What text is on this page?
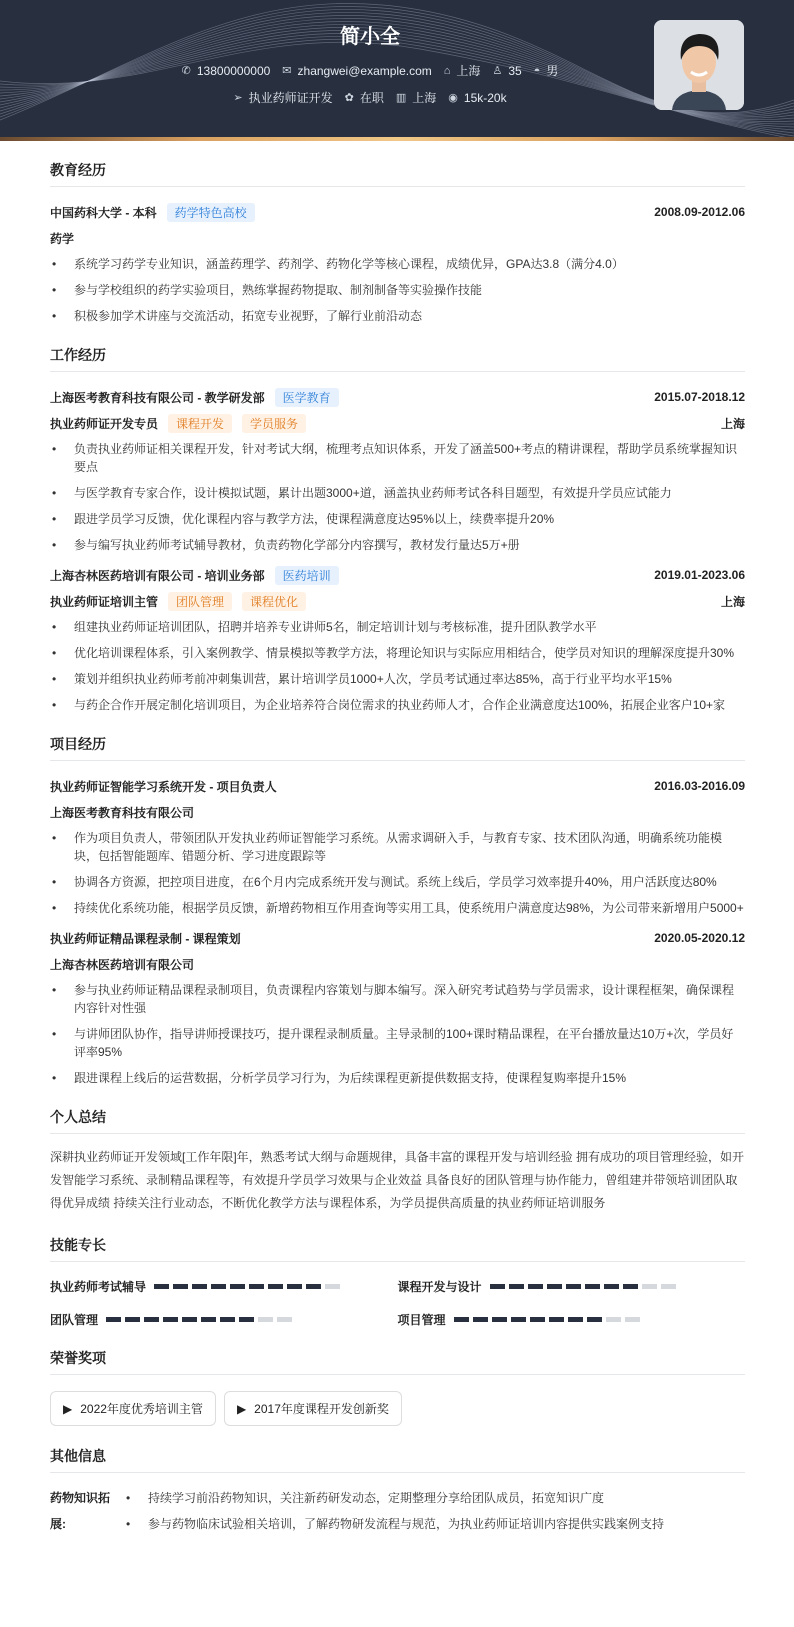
简小全
✆ 13800000000 ✉ zhangwei@example.com ⌂ 上海 ♙ 35 ◓ 男
➢ 执业药师证开发 ✿ 在职 ▥ 上海 ◉ 15k-20k
教育经历
中国药科大学 - 本科	药学特色高校	2008.09-2012.06
药学
• 系统学习药学专业知识，涵盖药理学、药剂学、药物化学等核心课程，成绩优异，GPA达3.8（满分4.0）
• 参与学校组织的药学实验项目，熟练掌握药物提取、制剂制备等实验操作技能
• 积极参加学术讲座与交流活动，拓宽专业视野，了解行业前沿动态
工作经历
上海医考教育科技有限公司 - 教学研发部	医学教育	2015.07-2018.12
执业药师证开发专员	课程开发	学员服务	上海
• 负责执业药师证相关课程开发，针对考试大纲，梳理考点知识体系，开发了涵盖500+考点的精讲课程，帮助学员系统掌握知识要点
• 与医学教育专家合作，设计模拟试题，累计出题3000+道，涵盖执业药师考试各科目题型，有效提升学员应试能力
• 跟进学员学习反馈，优化课程内容与教学方法，使课程满意度达95%以上，续费率提升20%
• 参与编写执业药师考试辅导教材，负责药物化学部分内容撰写，教材发行量达5万+册
上海杏林医药培训有限公司 - 培训业务部	医药培训	2019.01-2023.06
执业药师证培训主管	团队管理	课程优化	上海
• 组建执业药师证培训团队，招聘并培养专业讲师5名，制定培训计划与考核标准，提升团队教学水平
• 优化培训课程体系，引入案例教学、情景模拟等教学方法，将理论知识与实际应用相结合，使学员对知识的理解深度提升30%
• 策划并组织执业药师考前冲刺集训营，累计培训学员1000+人次，学员考试通过率达85%，高于行业平均水平15%
• 与药企合作开展定制化培训项目，为企业培养符合岗位需求的执业药师人才，合作企业满意度达100%，拓展企业客户10+家
项目经历
执业药师证智能学习系统开发 - 项目负责人	2016.03-2016.09
上海医考教育科技有限公司
• 作为项目负责人，带领团队开发执业药师证智能学习系统。从需求调研入手，与教育专家、技术团队沟通，明确系统功能模块，包括智能题库、错题分析、学习进度跟踪等
• 协调各方资源，把控项目进度，在6个月内完成系统开发与测试。系统上线后，学员学习效率提升40%，用户活跃度达80%
• 持续优化系统功能，根据学员反馈，新增药物相互作用查询等实用工具，使系统用户满意度达98%，为公司带来新增用户5000+
执业药师证精品课程录制 - 课程策划	2020.05-2020.12
上海杏林医药培训有限公司
• 参与执业药师证精品课程录制项目，负责课程内容策划与脚本编写。深入研究考试趋势与学员需求，设计课程框架，确保课程内容针对性强
• 与讲师团队协作，指导讲师授课技巧，提升课程录制质量。主导录制的100+课时精品课程，在平台播放量达10万+次，学员好评率95%
• 跟进课程上线后的运营数据，分析学员学习行为，为后续课程更新提供数据支持，使课程复购率提升15%
个人总结
深耕执业药师证开发领域[工作年限]年，熟悉考试大纲与命题规律，具备丰富的课程开发与培训经验 拥有成功的项目管理经验，如开发智能学习系统、录制精品课程等，有效提升学员学习效果与企业效益 具备良好的团队管理与协作能力，曾组建并带领培训团队取得优异成绩 持续关注行业动态，不断优化教学方法与课程体系，为学员提供高质量的执业药师证培训服务
技能专长
执业药师考试辅导	课程开发与设计
团队管理	项目管理
荣誉奖项
▶ 2022年度优秀培训主管	▶ 2017年度课程开发创新奖
其他信息
药物知识拓展:
• 持续学习前沿药物知识，关注新药研发动态，定期整理分享给团队成员，拓宽知识广度
• 参与药物临床试验相关培训，了解药物研发流程与规范，为执业药师证培训内容提供实践案例支持
